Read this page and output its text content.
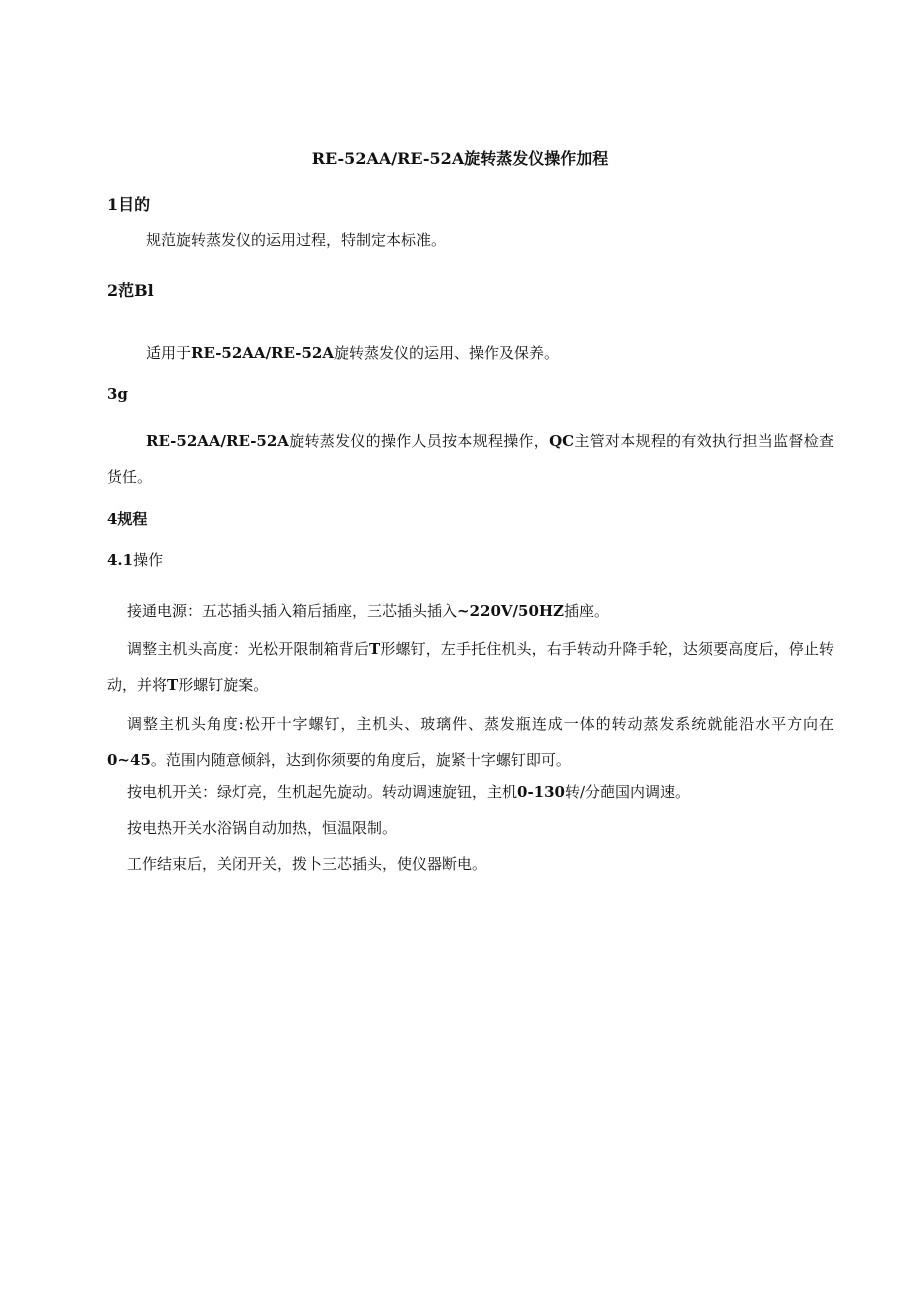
RE-52AA/RE-52A旋转蒸发仪操作加程
1目的
规范旋转蒸发仪的运用过程，特制定本标准。
2范Bl
适用于RE-52AA/RE-52A旋转蒸发仪的运用、操作及保养。
3g
RE-52AA/RE-52A旋转蒸发仪的操作人员按本规程操作，QC主管对本规程的有效执行担当监督检查货任。
4规程
4.1操作
接通电源：五芯插头插入箱后插座，三芯插头插入~220V/50HZ插座。
调整主机头高度：光松开限制箱背后T形螺钉，左手托住机头，右手转动升降手轮，达须要高度后，停止转动，并将T形螺钉旋案。
调整主机头角度:松开十字螺钉，主机头、玻璃件、蒸发瓶连成一体的转动蒸发系统就能沿水平方向在0~45。范围内随意倾斜，达到你须要的角度后，旋紧十字螺钉即可。
按电机开关：绿灯亮，生机起先旋动。转动调速旋钮，主机0-130转/分葩国内调速。
按电热开关水浴锅自动加热，恒温限制。
工作结束后，关闭开关，拨卜三芯插头，使仪器断电。
